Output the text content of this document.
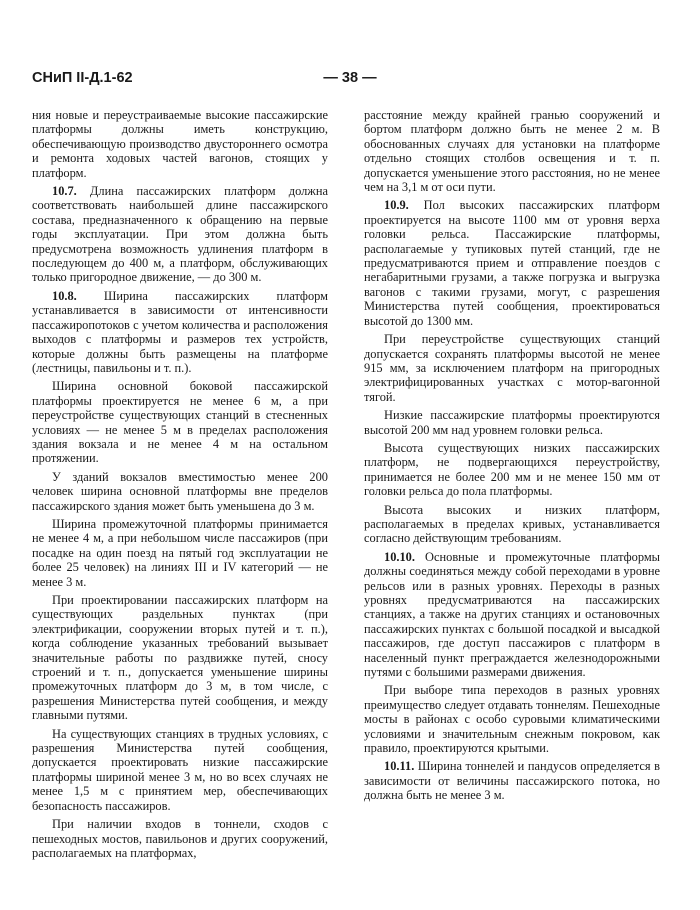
СНиП II-Д.1-62	— 38 —

ния новые и переустраиваемые высокие пассажирские платформы должны иметь конструкцию, обеспечивающую производство двустороннего осмотра и ремонта ходовых частей вагонов, стоящих у платформ.

10.7. Длина пассажирских платформ должна соответствовать наибольшей длине пассажирского состава, предназначенного к обращению на первые годы эксплуатации. При этом должна быть предусмотрена возможность удлинения платформ в последующем до 400 м, а платформ, обслуживающих только пригородное движение, — до 300 м.

10.8. Ширина пассажирских платформ устанавливается в зависимости от интенсивности пассажиропотоков с учетом количества и расположения выходов с платформы и размеров тех устройств, которые должны быть размещены на платформе (лестницы, павильоны и т. п.).

Ширина основной боковой пассажирской платформы проектируется не менее 6 м, а при переустройстве существующих станций в стесненных условиях — не менее 5 м в пределах расположения здания вокзала и не менее 4 м на остальном протяжении.

У зданий вокзалов вместимостью менее 200 человек ширина основной платформы вне пределов пассажирского здания может быть уменьшена до 3 м.

Ширина промежуточной платформы принимается не менее 4 м, а при небольшом числе пассажиров (при посадке на один поезд на пятый год эксплуатации не более 25 человек) на линиях III и IV категорий — не менее 3 м.

При проектировании пассажирских платформ на существующих раздельных пунктах (при электрификации, сооружении вторых путей и т. п.), когда соблюдение указанных требований вызывает значительные работы по раздвижке путей, сносу строений и т. п., допускается уменьшение ширины промежуточных платформ до 3 м, в том числе, с разрешения Министерства путей сообщения, и между главными путями.

На существующих станциях в трудных условиях, с разрешения Министерства путей сообщения, допускается проектировать низкие пассажирские платформы шириной менее 3 м, но во всех случаях не менее 1,5 м с принятием мер, обеспечивающих безопасность пассажиров.

При наличии входов в тоннели, сходов с пешеходных мостов, павильонов и других сооружений, располагаемых на платформах,

расстояние между крайней гранью сооружений и бортом платформ должно быть не менее 2 м. В обоснованных случаях для установки на платформе отдельно стоящих столбов освещения и т. п. допускается уменьшение этого расстояния, но не менее чем на 3,1 м от оси пути.

10.9. Пол высоких пассажирских платформ проектируется на высоте 1100 мм от уровня верха головки рельса. Пассажирские платформы, располагаемые у тупиковых путей станций, где не предусматриваются прием и отправление поездов с негабаритными грузами, а также погрузка и выгрузка вагонов с такими грузами, могут, с разрешения Министерства путей сообщения, проектироваться высотой до 1300 мм.

При переустройстве существующих станций допускается сохранять платформы высотой не менее 915 мм, за исключением платформ на пригородных электрифицированных участках с мотор-вагонной тягой.

Низкие пассажирские платформы проектируются высотой 200 мм над уровнем головки рельса.

Высота существующих низких пассажирских платформ, не подвергающихся переустройству, принимается не более 200 мм и не менее 150 мм от головки рельса до пола платформы.

Высота высоких и низких платформ, располагаемых в пределах кривых, устанавливается согласно действующим требованиям.

10.10. Основные и промежуточные платформы должны соединяться между собой переходами в уровне рельсов или в разных уровнях. Переходы в разных уровнях предусматриваются на пассажирских станциях, а также на других станциях и остановочных пассажирских пунктах с большой посадкой и высадкой пассажиров, где доступ пассажиров с платформ в населенный пункт преграждается железнодорожными путями с большими размерами движения.

При выборе типа переходов в разных уровнях преимущество следует отдавать тоннелям. Пешеходные мосты в районах с особо суровыми климатическими условиями и значительным снежным покровом, как правило, проектируются крытыми.

10.11. Ширина тоннелей и пандусов определяется в зависимости от величины пассажирского потока, но должна быть не менее 3 м.
